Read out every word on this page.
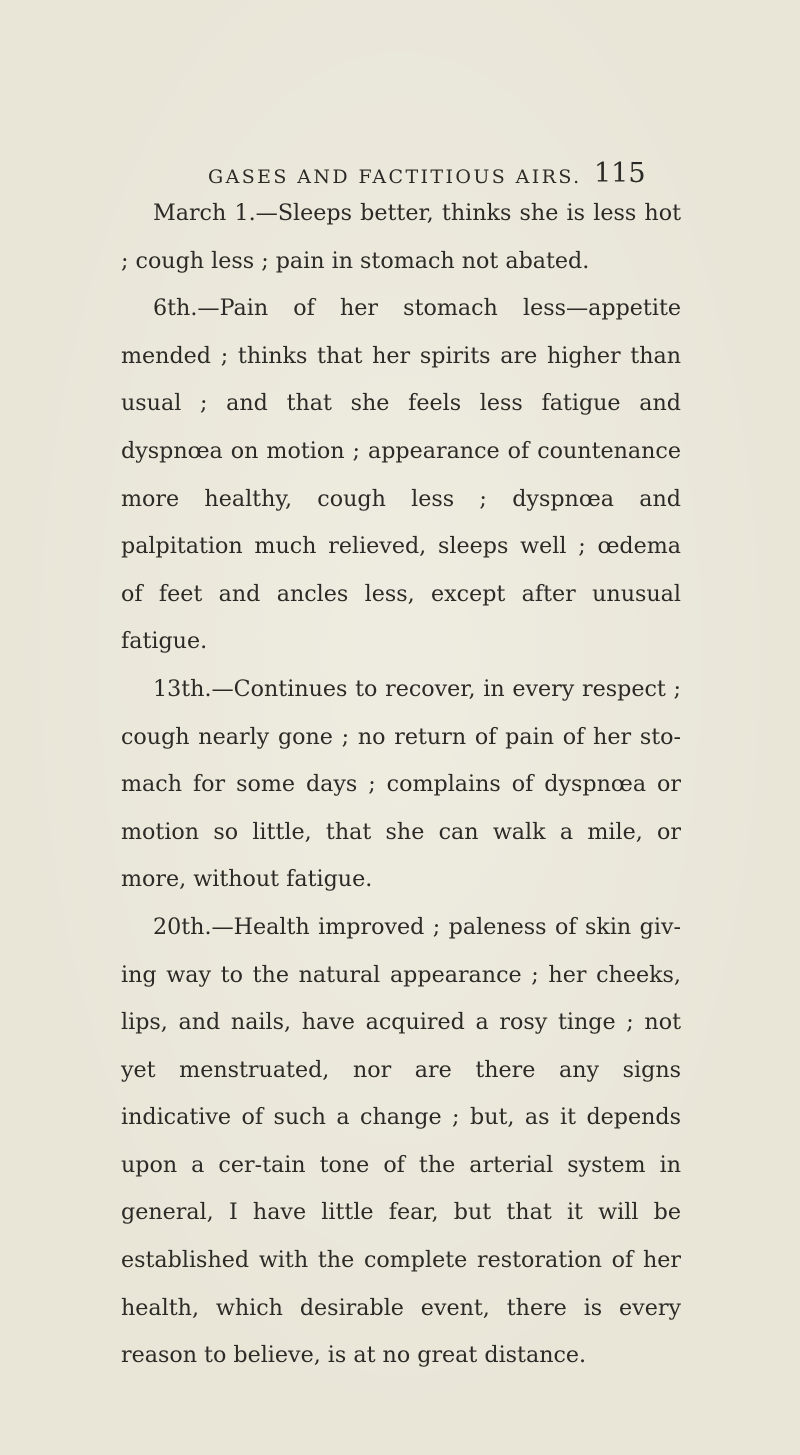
GASES AND FACTITIOUS AIRS. 115

March 1.—Sleeps better, thinks she is less hot ; cough less ; pain in stomach not abated.

6th.—Pain of her stomach less—appetite mended ; thinks that her spirits are higher than usual ; and that she feels less fatigue and dyspnœa on motion ; appearance of countenance more healthy, cough less ; dyspnœa and palpitation much relieved, sleeps well ; œdema of feet and ancles less, except after unusual fatigue.

13th.—Continues to recover, in every respect ; cough nearly gone ; no return of pain of her sto-mach for some days ; complains of dyspnœa or motion so little, that she can walk a mile, or more, without fatigue.

20th.—Health improved ; paleness of skin giv-ing way to the natural appearance ; her cheeks, lips, and nails, have acquired a rosy tinge ; not yet menstruated, nor are there any signs indicative of such a change ; but, as it depends upon a cer-tain tone of the arterial system in general, I have little fear, but that it will be established with the complete restoration of her health, which desirable event, there is every reason to believe, is at no great distance.
